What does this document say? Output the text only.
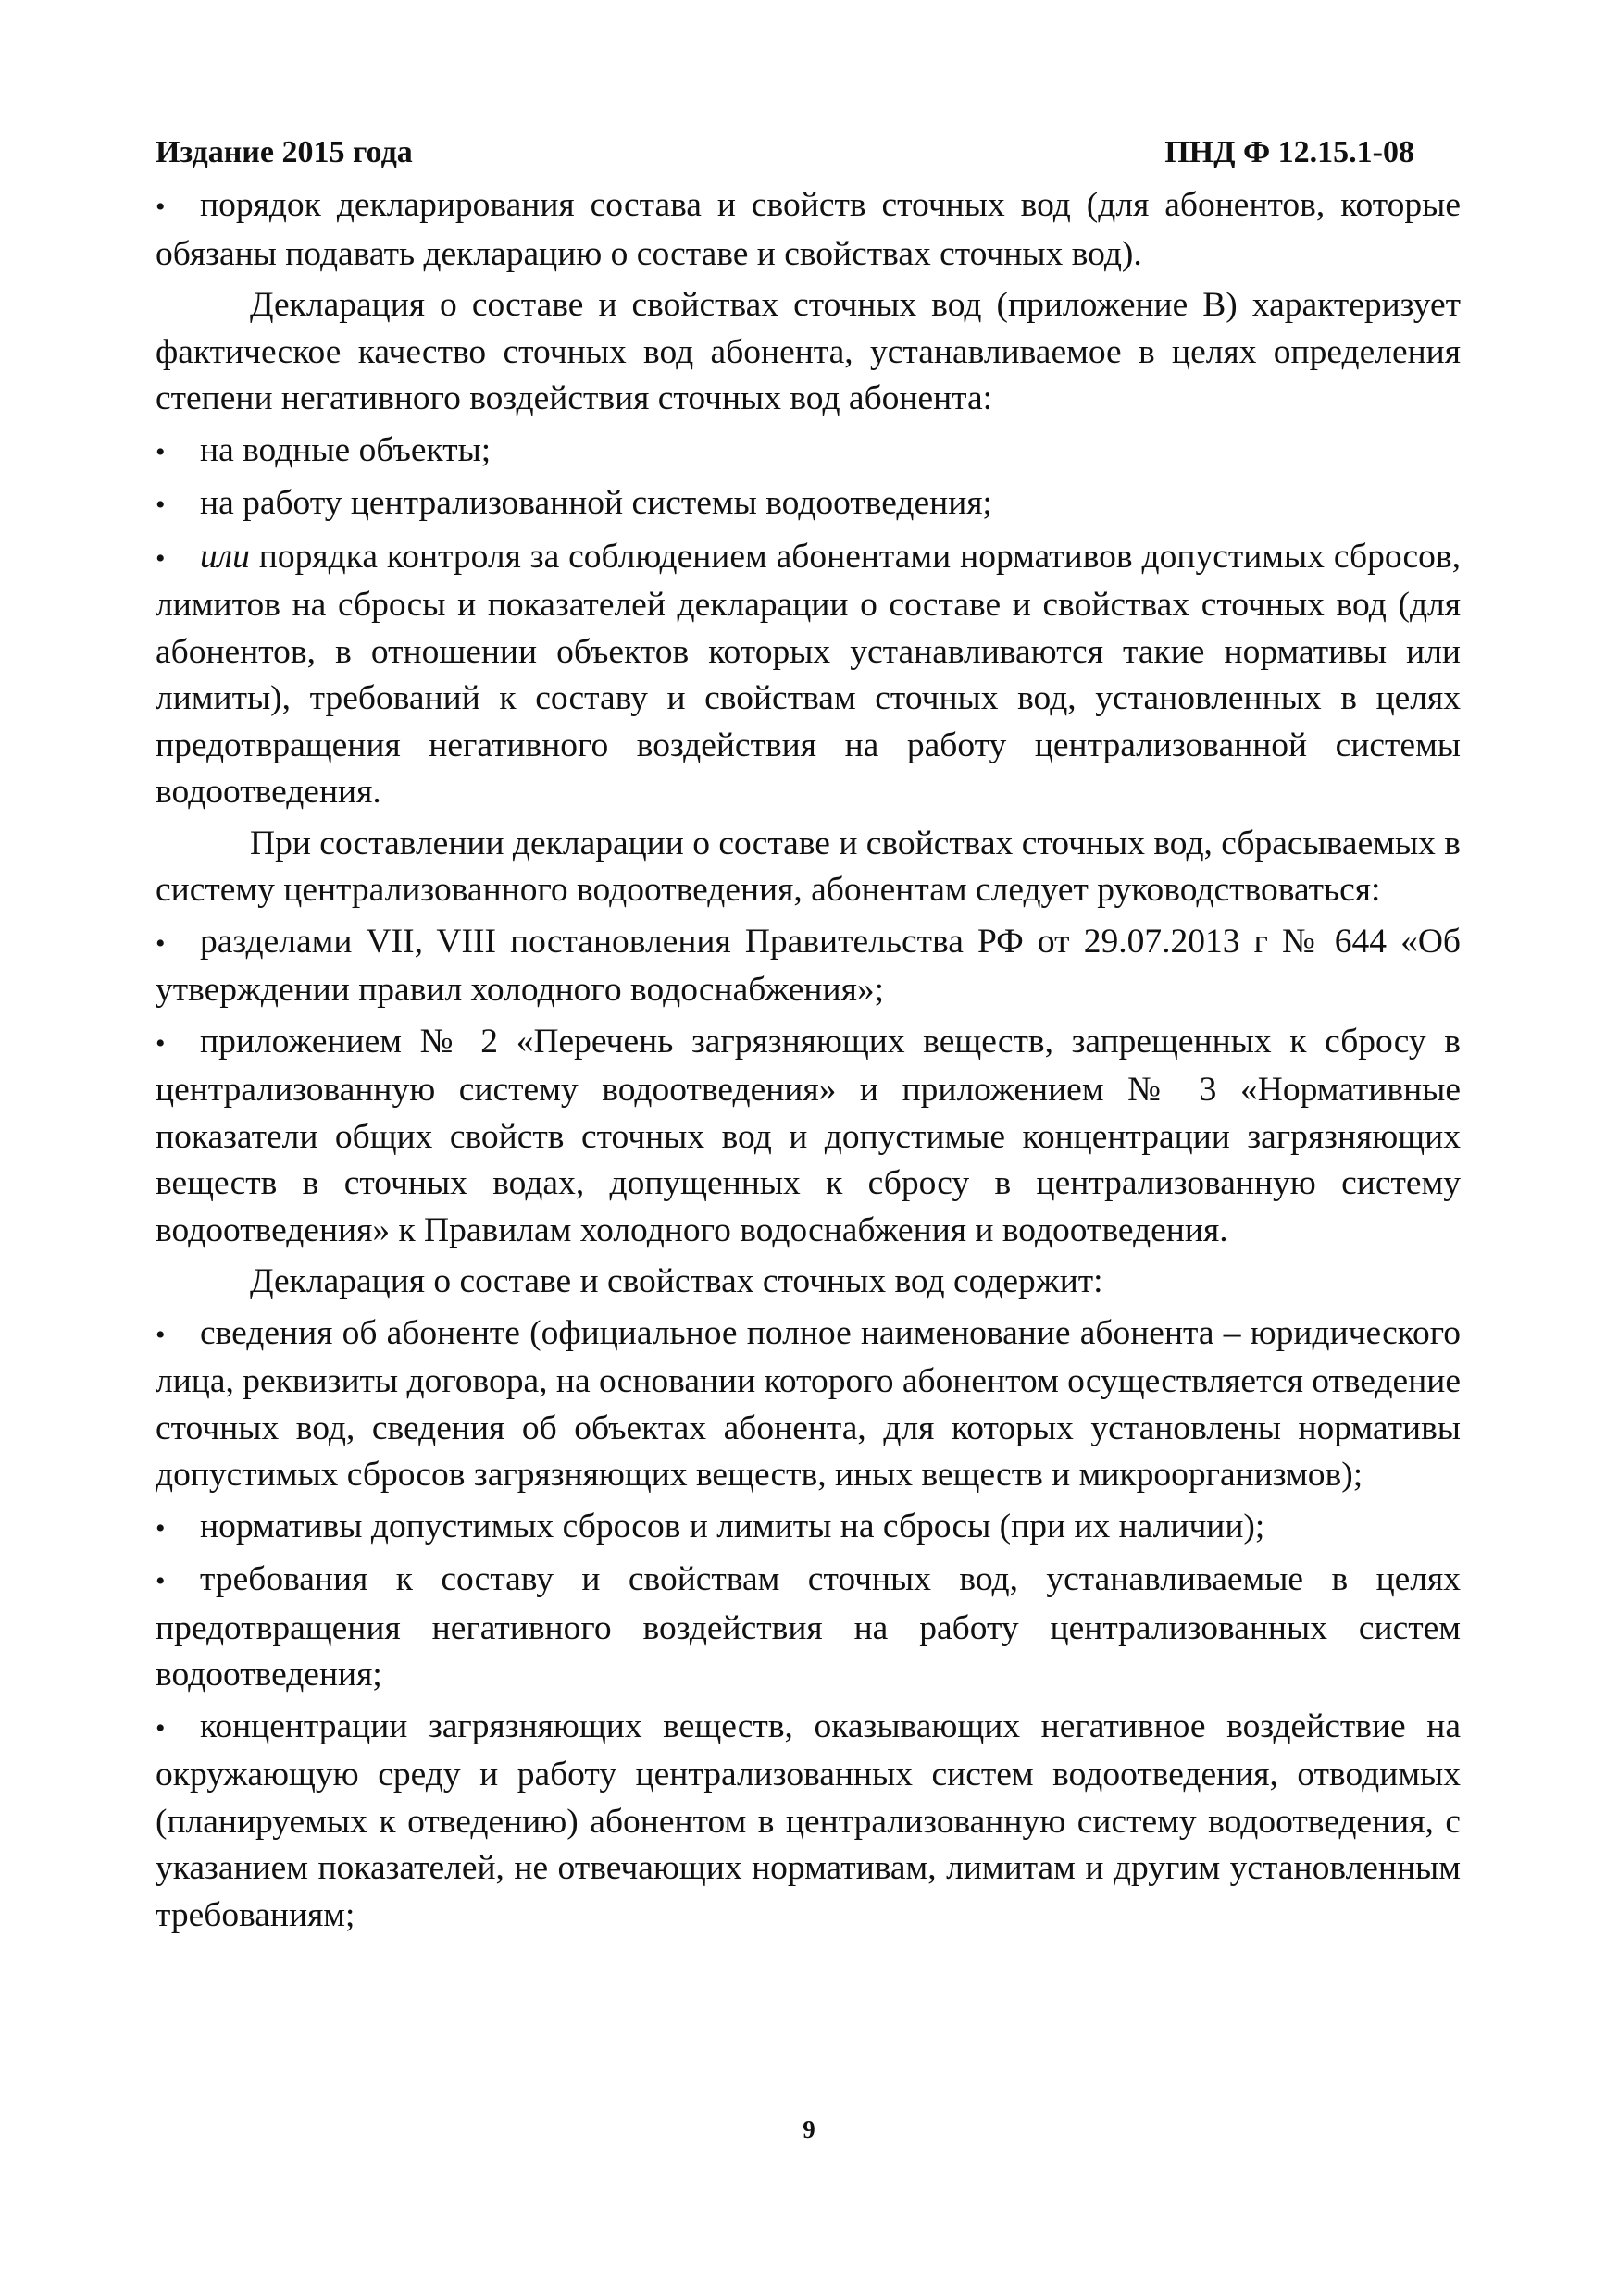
Издание 2015 года	ПНД Ф 12.15.1-08

• порядок декларирования состава и свойств сточных вод (для абонентов, которые обязаны подавать декларацию о составе и свойствах сточных вод).

Декларация о составе и свойствах сточных вод (приложение В) характеризует фактическое качество сточных вод абонента, устанавливаемое в целях определения степени негативного воздействия сточных вод абонента:

• на водные объекты;

• на работу централизованной системы водоотведения;

• или порядка контроля за соблюдением абонентами нормативов допустимых сбросов, лимитов на сбросы и показателей декларации о составе и свойствах сточных вод (для абонентов, в отношении объектов которых устанавливаются такие нормативы или лимиты), требований к составу и свойствам сточных вод, установленных в целях предотвращения негативного воздействия на работу централизованной системы водоотведения.

При составлении декларации о составе и свойствах сточных вод, сбрасываемых в систему централизованного водоотведения, абонентам следует руководствоваться:

• разделами VII, VIII постановления Правительства РФ от 29.07.2013 г № 644 «Об утверждении правил холодного водоснабжения»;

• приложением № 2 «Перечень загрязняющих веществ, запрещенных к сбросу в централизованную систему водоотведения» и приложением № 3 «Нормативные показатели общих свойств сточных вод и допустимые концентрации загрязняющих веществ в сточных водах, допущенных к сбросу в централизованную систему водоотведения» к Правилам холодного водоснабжения и водоотведения.

Декларация о составе и свойствах сточных вод содержит:

• сведения об абоненте (официальное полное наименование абонента – юридического лица, реквизиты договора, на основании которого абонентом осуществляется отведение сточных вод, сведения об объектах абонента, для которых установлены нормативы допустимых сбросов загрязняющих веществ, иных веществ и микроорганизмов);

• нормативы допустимых сбросов и лимиты на сбросы (при их наличии);

• требования к составу и свойствам сточных вод, устанавливаемые в целях предотвращения негативного воздействия на работу централизованных систем водоотведения;

• концентрации загрязняющих веществ, оказывающих негативное воздействие на окружающую среду и работу централизованных систем водоотведения, отводимых (планируемых к отведению) абонентом в централизованную систему водоотведения, с указанием показателей, не отвечающих нормативам, лимитам и другим установленным требованиям;

9
